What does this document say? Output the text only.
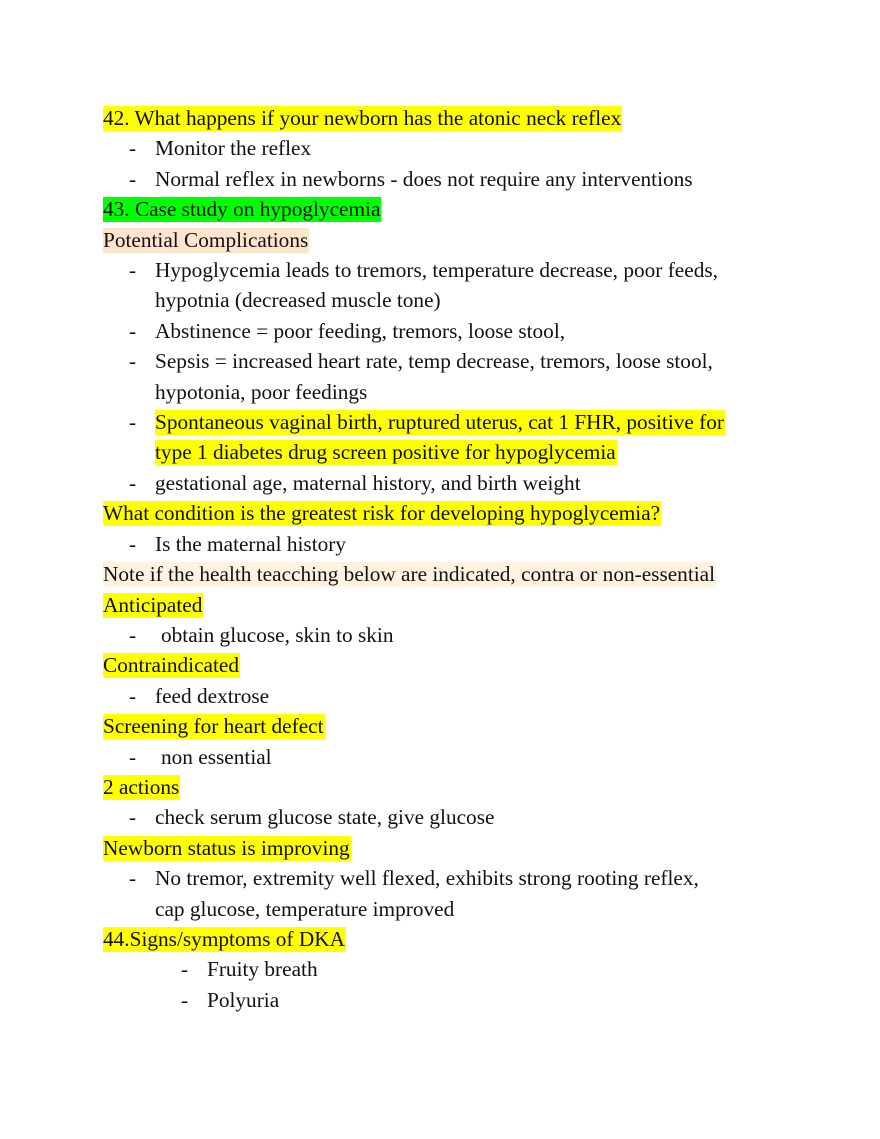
42. What happens if your newborn has the atonic neck reflex
- Monitor the reflex
- Normal reflex in newborns - does not require any interventions
43. Case study on hypoglycemia
Potential Complications
- Hypoglycemia leads to tremors, temperature decrease, poor feeds,
hypotnia (decreased muscle tone)
- Abstinence = poor feeding, tremors, loose stool,
- Sepsis = increased heart rate, temp decrease, tremors, loose stool,
hypotonia, poor feedings
- Spontaneous vaginal birth, ruptured uterus, cat 1 FHR, positive for
type 1 diabetes drug screen positive for hypoglycemia
- gestational age, maternal history, and birth weight
What condition is the greatest risk for developing hypoglycemia?
- Is the maternal history
Note if the health teacching below are indicated, contra or non-essential
Anticipated
- obtain glucose, skin to skin
Contraindicated
- feed dextrose
Screening for heart defect
- non essential
2 actions
- check serum glucose state, give glucose
Newborn status is improving
- No tremor, extremity well flexed, exhibits strong rooting reflex,
cap glucose, temperature improved
44.Signs/symptoms of DKA
- Fruity breath
- Polyuria
